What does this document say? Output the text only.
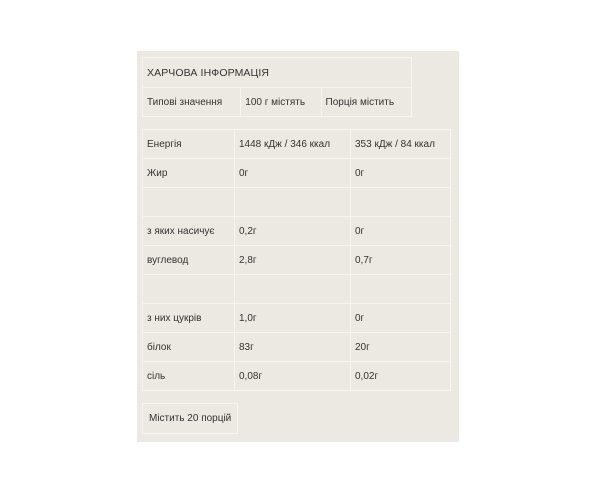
ХАРЧОВА ІНФОРМАЦІЯ
Типові значення	100 г містять	Порція містить
Енергія	1448 кДж / 346 ккал	353 кДж / 84 ккал
Жир	0г	0г

з яких насичує	0,2г	0г
вуглевод	2,8г	0,7г

з них цукрів	1,0г	0г
білок	83г	20г
сіль	0,08г	0,02г
Містить 20 порцій
